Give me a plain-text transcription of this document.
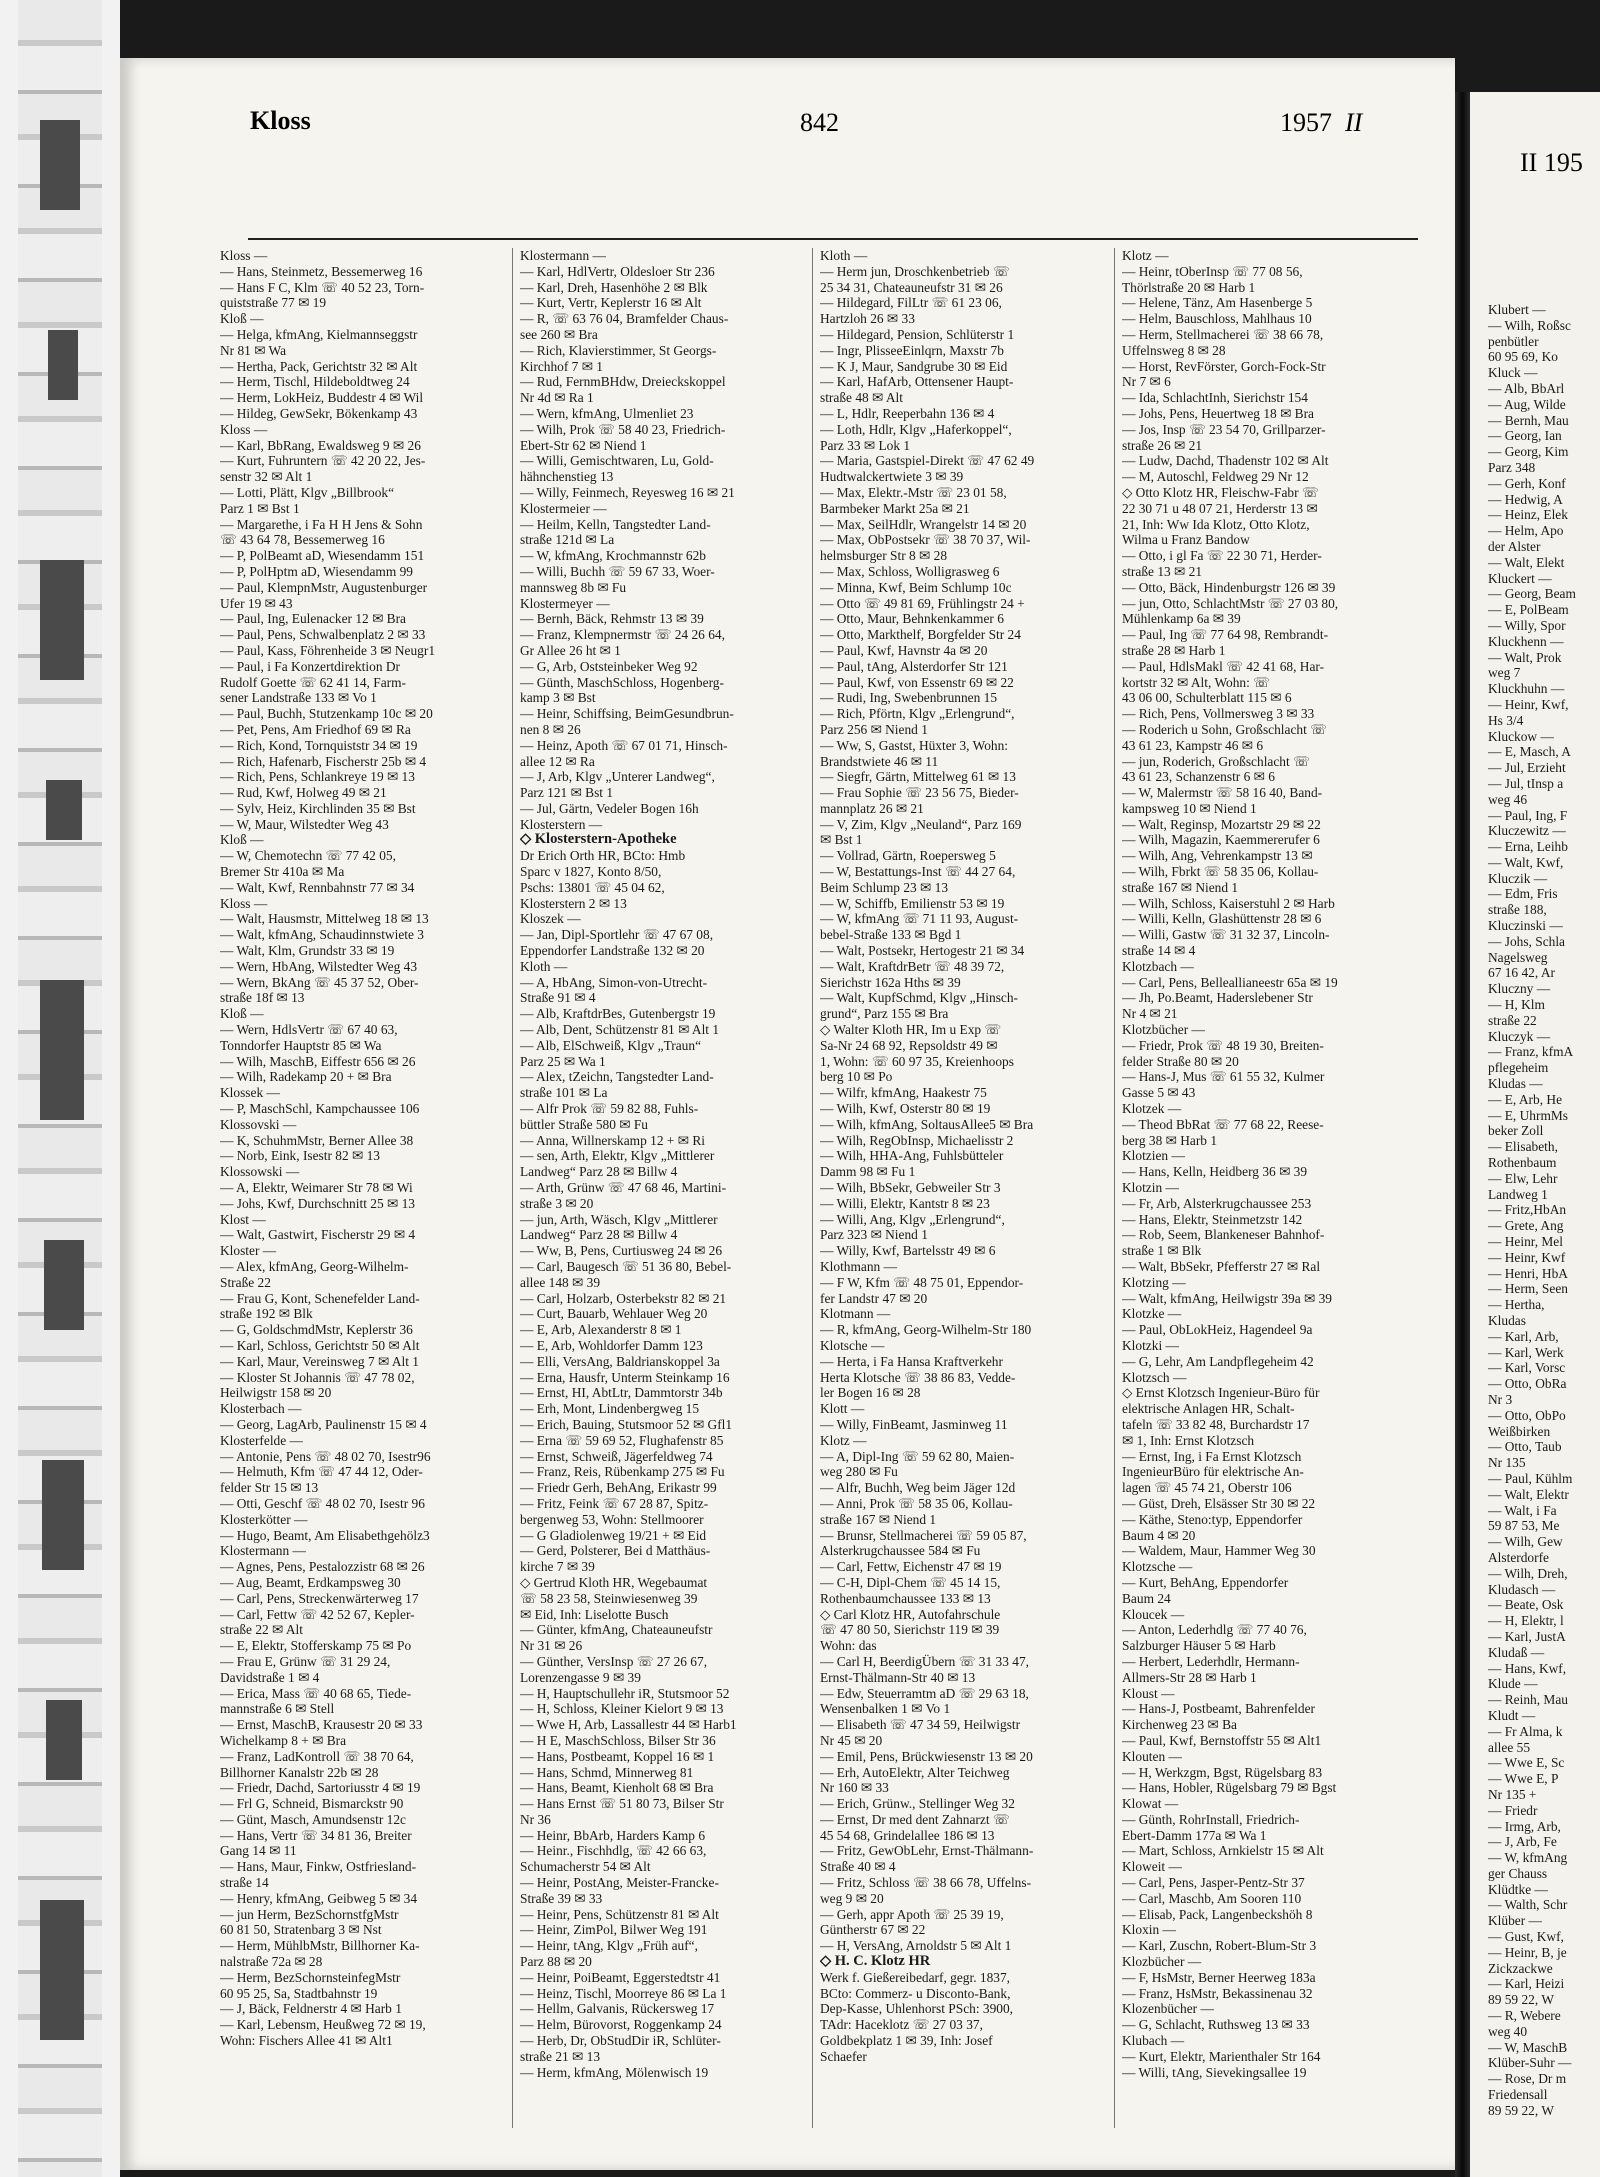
Kloss	842	1957 II
Kloss —
— Hans, Steinmetz, Bessemerweg 16
— Hans F C, Klm ☏ 40 52 23, Torn-
quiststraße 77 ✉ 19
Kloß —
— Helga, kfmAng, Kielmannseggstr
Nr 81 ✉ Wa
— Hertha, Pack, Gerichtstr 32 ✉ Alt
— Herm, Tischl, Hildeboldtweg 24
— Herm, LokHeiz, Buddestr 4 ✉ Wil
— Hildeg, GewSekr, Bökenkamp 43
Kloss —
— Karl, BbRang, Ewaldsweg 9 ✉ 26
— Kurt, Fuhruntern ☏ 42 20 22, Jes-
senstr 32 ✉ Alt 1
— Lotti, Plätt, Klgv „Billbrook“
Parz 1 ✉ Bst 1
— Margarethe, i Fa H H Jens & Sohn
☏ 43 64 78, Bessemerweg 16
— P, PolBeamt aD, Wiesendamm 151
— P, PolHptm aD, Wiesendamm 99
— Paul, KlempnMstr, Augustenburger
Ufer 19 ✉ 43
— Paul, Ing, Eulenacker 12 ✉ Bra
— Paul, Pens, Schwalbenplatz 2 ✉ 33
— Paul, Kass, Föhrenheide 3 ✉ Neugr1
— Paul, i Fa Konzertdirektion Dr
Rudolf Goette ☏ 62 41 14, Farm-
sener Landstraße 133 ✉ Vo 1
— Paul, Buchh, Stutzenkamp 10c ✉ 20
— Pet, Pens, Am Friedhof 69 ✉ Ra
— Rich, Kond, Tornquiststr 34 ✉ 19
— Rich, Hafenarb, Fischerstr 25b ✉ 4
— Rich, Pens, Schlankreye 19 ✉ 13
— Rud, Kwf, Holweg 49 ✉ 21
— Sylv, Heiz, Kirchlinden 35 ✉ Bst
— W, Maur, Wilstedter Weg 43
Kloß —
— W, Chemotechn ☏ 77 42 05,
Bremer Str 410a ✉ Ma
— Walt, Kwf, Rennbahnstr 77 ✉ 34
Kloss —
— Walt, Hausmstr, Mittelweg 18 ✉ 13
— Walt, kfmAng, Schaudinnstwiete 3
— Walt, Klm, Grundstr 33 ✉ 19
— Wern, HbAng, Wilstedter Weg 43
— Wern, BkAng ☏ 45 37 52, Ober-
straße 18f ✉ 13
Kloß —
— Wern, HdlsVertr ☏ 67 40 63,
Tonndorfer Hauptstr 85 ✉ Wa
— Wilh, MaschB, Eiffestr 656 ✉ 26
— Wilh, Radekamp 20 + ✉ Bra
Klossek —
— P, MaschSchl, Kampchaussee 106
Klossovski —
— K, SchuhmMstr, Berner Allee 38
— Norb, Eink, Isestr 82 ✉ 13
Klossowski —
— A, Elektr, Weimarer Str 78 ✉ Wi
— Johs, Kwf, Durchschnitt 25 ✉ 13
Klost —
— Walt, Gastwirt, Fischerstr 29 ✉ 4
Kloster —
— Alex, kfmAng, Georg-Wilhelm-
Straße 22
— Frau G, Kont, Schenefelder Land-
straße 192 ✉ Blk
— G, GoldschmdMstr, Keplerstr 36
— Karl, Schloss, Gerichtstr 50 ✉ Alt
— Karl, Maur, Vereinsweg 7 ✉ Alt 1
— Kloster St Johannis ☏ 47 78 02,
Heilwigstr 158 ✉ 20
Klosterbach —
— Georg, LagArb, Paulinenstr 15 ✉ 4
Klosterfelde —
— Antonie, Pens ☏ 48 02 70, Isestr96
— Helmuth, Kfm ☏ 47 44 12, Oder-
felder Str 15 ✉ 13
— Otti, Geschf ☏ 48 02 70, Isestr 96
Klosterkötter —
— Hugo, Beamt, Am Elisabethgehölz3
Klostermann —
— Agnes, Pens, Pestalozzistr 68 ✉ 26
— Aug, Beamt, Erdkampsweg 30
— Carl, Pens, Streckenwärterweg 17
— Carl, Fettw ☏ 42 52 67, Kepler-
straße 22 ✉ Alt
— E, Elektr, Stofferskamp 75 ✉ Po
— Frau E, Grünw ☏ 31 29 24,
Davidstraße 1 ✉ 4
— Erica, Mass ☏ 40 68 65, Tiede-
mannstraße 6 ✉ Stell
— Ernst, MaschB, Krausestr 20 ✉ 33
Wichelkamp 8 + ✉ Bra
— Franz, LadKontroll ☏ 38 70 64,
Billhorner Kanalstr 22b ✉ 28
— Friedr, Dachd, Sartoriusstr 4 ✉ 19
— Frl G, Schneid, Bismarckstr 90
— Günt, Masch, Amundsenstr 12c
— Hans, Vertr ☏ 34 81 36, Breiter
Gang 14 ✉ 11
— Hans, Maur, Finkw, Ostfriesland-
straße 14
— Henry, kfmAng, Geibweg 5 ✉ 34
— jun Herm, BezSchornstfgMstr
60 81 50, Stratenbarg 3 ✉ Nst
— Herm, MühlbMstr, Billhorner Ka-
nalstraße 72a ✉ 28
— Herm, BezSchornsteinfegMstr
60 95 25, Sa, Stadtbahnstr 19
— J, Bäck, Feldnerstr 4 ✉ Harb 1
— Karl, Lebensm, Heußweg 72 ✉ 19,
Wohn: Fischers Allee 41 ✉ Alt1
Klostermann —
— Karl, HdlVertr, Oldesloer Str 236
— Karl, Dreh, Hasenhöhe 2 ✉ Blk
— Kurt, Vertr, Keplerstr 16 ✉ Alt
— R, ☏ 63 76 04, Bramfelder Chaus-
see 260 ✉ Bra
— Rich, Klavierstimmer, St Georgs-
Kirchhof 7 ✉ 1
— Rud, FernmBHdw, Dreieckskoppel
Nr 4d ✉ Ra 1
— Wern, kfmAng, Ulmenliet 23
— Wilh, Prok ☏ 58 40 23, Friedrich-
Ebert-Str 62 ✉ Niend 1
— Willi, Gemischtwaren, Lu, Gold-
hähnchenstieg 13
— Willy, Feinmech, Reyesweg 16 ✉ 21
Klostermeier —
— Heilm, Kelln, Tangstedter Land-
straße 121d ✉ La
— W, kfmAng, Krochmannstr 62b
— Willi, Buchh ☏ 59 67 33, Woer-
mannsweg 8b ✉ Fu
Klostermeyer —
— Bernh, Bäck, Rehmstr 13 ✉ 39
— Franz, Klempnermstr ☏ 24 26 64,
Gr Allee 26 ht ✉ 1
— G, Arb, Oststeinbeker Weg 92
— Günth, MaschSchloss, Hogenberg-
kamp 3 ✉ Bst
— Heinr, Schiffsing, BeimGesundbrun-
nen 8 ✉ 26
— Heinz, Apoth ☏ 67 01 71, Hinsch-
allee 12 ✉ Ra
— J, Arb, Klgv „Unterer Landweg“,
Parz 121 ✉ Bst 1
— Jul, Gärtn, Vedeler Bogen 16h
Klosterstern —
◇ Klosterstern-Apotheke
Dr Erich Orth HR, BCto: Hmb
Sparc v 1827, Konto 8/50,
Pschs: 13801 ☏ 45 04 62,
Klosterstern 2 ✉ 13
Kloszek —
— Jan, Dipl-Sportlehr ☏ 47 67 08,
Eppendorfer Landstraße 132 ✉ 20
Kloth —
— A, HbAng, Simon-von-Utrecht-
Straße 91 ✉ 4
— Alb, KraftdrBes, Gutenbergstr 19
— Alb, Dent, Schützenstr 81 ✉ Alt 1
— Alb, ElSchweiß, Klgv „Traun“
Parz 25 ✉ Wa 1
— Alex, tZeichn, Tangstedter Land-
straße 101 ✉ La
— Alfr Prok ☏ 59 82 88, Fuhls-
büttler Straße 580 ✉ Fu
— Anna, Willnerskamp 12 + ✉ Ri
— sen, Arth, Elektr, Klgv „Mittlerer
Landweg“ Parz 28 ✉ Billw 4
— Arth, Grünw ☏ 47 68 46, Martini-
straße 3 ✉ 20
— jun, Arth, Wäsch, Klgv „Mittlerer
Landweg“ Parz 28 ✉ Billw 4
— Ww, B, Pens, Curtiusweg 24 ✉ 26
— Carl, Baugesch ☏ 51 36 80, Bebel-
allee 148 ✉ 39
— Carl, Holzarb, Osterbekstr 82 ✉ 21
— Curt, Bauarb, Wehlauer Weg 20
— E, Arb, Alexanderstr 8 ✉ 1
— E, Arb, Wohldorfer Damm 123
— Elli, VersAng, Baldrianskoppel 3a
— Erna, Hausfr, Unterm Steinkamp 16
— Ernst, HI, AbtLtr, Dammtorstr 34b
— Erh, Mont, Lindenbergweg 15
— Erich, Bauing, Stutsmoor 52 ✉ Gfl1
— Erna ☏ 59 69 52, Flughafenstr 85
— Ernst, Schweiß, Jägerfeldweg 74
— Franz, Reis, Rübenkamp 275 ✉ Fu
— Friedr Gerh, BehAng, Erikastr 99
— Fritz, Feink ☏ 67 28 87, Spitz-
bergenweg 53, Wohn: Stellmoorer
— G Gladiolenweg 19/21 + ✉ Eid
— Gerd, Polsterer, Bei d Matthäus-
kirche 7 ✉ 39
◇ Gertrud Kloth HR, Wegebaumat
☏ 58 23 58, Steinwiesenweg 39
✉ Eid, Inh: Liselotte Busch
— Günter, kfmAng, Chateauneufstr
Nr 31 ✉ 26
— Günther, VersInsp ☏ 27 26 67,
Lorenzengasse 9 ✉ 39
— H, Hauptschullehr iR, Stutsmoor 52
— H, Schloss, Kleiner Kielort 9 ✉ 13
— Wwe H, Arb, Lassallestr 44 ✉ Harb1
— H E, MaschSchloss, Bilser Str 36
— Hans, Postbeamt, Koppel 16 ✉ 1
— Hans, Schmd, Minnerweg 81
— Hans, Beamt, Kienholt 68 ✉ Bra
— Hans Ernst ☏ 51 80 73, Bilser Str
Nr 36
— Heinr, BbArb, Harders Kamp 6
— Heinr., Fischhdlg, ☏ 42 66 63,
Schumacherstr 54 ✉ Alt
— Heinr, PostAng, Meister-Francke-
Straße 39 ✉ 33
— Heinr, Pens, Schützenstr 81 ✉ Alt
— Heinr, ZimPol, Bilwer Weg 191
— Heinr, tAng, Klgv „Früh auf“,
Parz 88 ✉ 20
— Heinr, PoiBeamt, Eggerstedtstr 41
— Heinz, Tischl, Moorreye 86 ✉ La 1
— Hellm, Galvanis, Rückersweg 17
— Helm, Bürovorst, Roggenkamp 24
— Herb, Dr, ObStudDir iR, Schlüter-
straße 21 ✉ 13
— Herm, kfmAng, Mölenwisch 19
Kloth —
— Herm jun, Droschkenbetrieb ☏
25 34 31, Chateauneufstr 31 ✉ 26
— Hildegard, FilLtr ☏ 61 23 06,
Hartzloh 26 ✉ 33
— Hildegard, Pension, Schlüterstr 1
— Ingr, PlisseeEinlqrn, Maxstr 7b
— K J, Maur, Sandgrube 30 ✉ Eid
— Karl, HafArb, Ottensener Haupt-
straße 48 ✉ Alt
— L, Hdlr, Reeperbahn 136 ✉ 4
— Loth, Hdlr, Klgv „Haferkoppel“,
Parz 33 ✉ Lok 1
— Maria, Gastspiel-Direkt ☏ 47 62 49
Hudtwalckertwiete 3 ✉ 39
— Max, Elektr.-Mstr ☏ 23 01 58,
Barmbeker Markt 25a ✉ 21
— Max, SeilHdlr, Wrangelstr 14 ✉ 20
— Max, ObPostsekr ☏ 38 70 37, Wil-
helmsburger Str 8 ✉ 28
— Max, Schloss, Wolligrasweg 6
— Minna, Kwf, Beim Schlump 10c
— Otto ☏ 49 81 69, Frühlingstr 24 +
— Otto, Maur, Behnkenkammer 6
— Otto, Markthelf, Borgfelder Str 24
— Paul, Kwf, Havnstr 4a ✉ 20
— Paul, tAng, Alsterdorfer Str 121
— Paul, Kwf, von Essenstr 69 ✉ 22
— Rudi, Ing, Swebenbrunnen 15
— Rich, Pförtn, Klgv „Erlengrund“,
Parz 256 ✉ Niend 1
— Ww, S, Gastst, Hüxter 3, Wohn:
Brandstwiete 46 ✉ 11
— Siegfr, Gärtn, Mittelweg 61 ✉ 13
— Frau Sophie ☏ 23 56 75, Bieder-
mannplatz 26 ✉ 21
— V, Zim, Klgv „Neuland“, Parz 169
✉ Bst 1
— Vollrad, Gärtn, Roepersweg 5
— W, Bestattungs-Inst ☏ 44 27 64,
Beim Schlump 23 ✉ 13
— W, Schiffb, Emilienstr 53 ✉ 19
— W, kfmAng ☏ 71 11 93, August-
bebel-Straße 133 ✉ Bgd 1
— Walt, Postsekr, Hertogestr 21 ✉ 34
— Walt, KraftdrBetr ☏ 48 39 72,
Sierichstr 162a Hths ✉ 39
— Walt, KupfSchmd, Klgv „Hinsch-
grund“, Parz 155 ✉ Bra
◇ Walter Kloth HR, Im u Exp ☏
Sa-Nr 24 68 92, Repsoldstr 49 ✉
1, Wohn: ☏ 60 97 35, Kreienhoops
berg 10 ✉ Po
— Wilfr, kfmAng, Haakestr 75
— Wilh, Kwf, Osterstr 80 ✉ 19
— Wilh, kfmAng, SoltausAllee5 ✉ Bra
— Wilh, RegObInsp, Michaelisstr 2
— Wilh, HHA-Ang, Fuhlsbütteler
Damm 98 ✉ Fu 1
— Wilh, BbSekr, Gebweiler Str 3
— Willi, Elektr, Kantstr 8 ✉ 23
— Willi, Ang, Klgv „Erlengrund“,
Parz 323 ✉ Niend 1
— Willy, Kwf, Bartelsstr 49 ✉ 6
Klothmann —
— F W, Kfm ☏ 48 75 01, Eppendor-
fer Landstr 47 ✉ 20
Klotmann —
— R, kfmAng, Georg-Wilhelm-Str 180
Klotsche —
— Herta, i Fa Hansa Kraftverkehr
Herta Klotsche ☏ 38 86 83, Vedde-
ler Bogen 16 ✉ 28
Klott —
— Willy, FinBeamt, Jasminweg 11
Klotz —
— A, Dipl-Ing ☏ 59 62 80, Maien-
weg 280 ✉ Fu
— Alfr, Buchh, Weg beim Jäger 12d
— Anni, Prok ☏ 58 35 06, Kollau-
straße 167 ✉ Niend 1
— Brunsr, Stellmacherei ☏ 59 05 87,
Alsterkrugchaussee 584 ✉ Fu
— Carl, Fettw, Eichenstr 47 ✉ 19
— C-H, Dipl-Chem ☏ 45 14 15,
Rothenbaumchaussee 133 ✉ 13
◇ Carl Klotz HR, Autofahrschule
☏ 47 80 50, Sierichstr 119 ✉ 39
Wohn: das
— Carl H, BeerdigÜbern ☏ 31 33 47,
Ernst-Thälmann-Str 40 ✉ 13
— Edw, Steuerramtm aD ☏ 29 63 18,
Wensenbalken 1 ✉ Vo 1
— Elisabeth ☏ 47 34 59, Heilwigstr
Nr 45 ✉ 20
— Emil, Pens, Brückwiesenstr 13 ✉ 20
— Erh, AutoElektr, Alter Teichweg
Nr 160 ✉ 33
— Erich, Grünw., Stellinger Weg 32
— Ernst, Dr med dent Zahnarzt ☏
45 54 68, Grindelallee 186 ✉ 13
— Fritz, GewObLehr, Ernst-Thälmann-
Straße 40 ✉ 4
— Fritz, Schloss ☏ 38 66 78, Uffelns-
weg 9 ✉ 20
— Gerh, appr Apoth ☏ 25 39 19,
Güntherstr 67 ✉ 22
— H, VersAng, Arnoldstr 5 ✉ Alt 1
◇ H. C. Klotz HR
Werk f. Gießereibedarf, gegr. 1837,
BCto: Commerz- u Disconto-Bank,
Dep-Kasse, Uhlenhorst PSch: 3900,
TAdr: Haceklotz ☏ 27 03 37,
Goldbekplatz 1 ✉ 39, Inh: Josef
Schaefer
Klotz —
— Heinr, tOberInsp ☏ 77 08 56,
Thörlstraße 20 ✉ Harb 1
— Helene, Tänz, Am Hasenberge 5
— Helm, Bauschloss, Mahlhaus 10
— Herm, Stellmacherei ☏ 38 66 78,
Uffelnsweg 8 ✉ 28
— Horst, RevFörster, Gorch-Fock-Str
Nr 7 ✉ 6
— Ida, SchlachtInh, Sierichstr 154
— Johs, Pens, Heuertweg 18 ✉ Bra
— Jos, Insp ☏ 23 54 70, Grillparzer-
straße 26 ✉ 21
— Ludw, Dachd, Thadenstr 102 ✉ Alt
— M, Autoschl, Feldweg 29 Nr 12
◇ Otto Klotz HR, Fleischw-Fabr ☏
22 30 71 u 48 07 21, Herderstr 13 ✉
21, Inh: Ww Ida Klotz, Otto Klotz,
Wilma u Franz Bandow
— Otto, i gl Fa ☏ 22 30 71, Herder-
straße 13 ✉ 21
— Otto, Bäck, Hindenburgstr 126 ✉ 39
— jun, Otto, SchlachtMstr ☏ 27 03 80,
Mühlenkamp 6a ✉ 39
— Paul, Ing ☏ 77 64 98, Rembrandt-
straße 28 ✉ Harb 1
— Paul, HdlsMakl ☏ 42 41 68, Har-
kortstr 32 ✉ Alt, Wohn: ☏
43 06 00, Schulterblatt 115 ✉ 6
— Rich, Pens, Vollmersweg 3 ✉ 33
— Roderich u Sohn, Großschlacht ☏
43 61 23, Kampstr 46 ✉ 6
— jun, Roderich, Großschlacht ☏
43 61 23, Schanzenstr 6 ✉ 6
— W, Malermstr ☏ 58 16 40, Band-
kampsweg 10 ✉ Niend 1
— Walt, Reginsp, Mozartstr 29 ✉ 22
— Wilh, Magazin, Kaemmererufer 6
— Wilh, Ang, Vehrenkampstr 13 ✉
— Wilh, Fbrkt ☏ 58 35 06, Kollau-
straße 167 ✉ Niend 1
— Wilh, Schloss, Kaiserstuhl 2 ✉ Harb
— Willi, Kelln, Glashüttenstr 28 ✉ 6
— Willi, Gastw ☏ 31 32 37, Lincoln-
straße 14 ✉ 4
Klotzbach —
— Carl, Pens, Belleallianeestr 65a ✉ 19
— Jh, Po.Beamt, Haderslebener Str
Nr 4 ✉ 21
Klotzbücher —
— Friedr, Prok ☏ 48 19 30, Breiten-
felder Straße 80 ✉ 20
— Hans-J, Mus ☏ 61 55 32, Kulmer
Gasse 5 ✉ 43
Klotzek —
— Theod BbRat ☏ 77 68 22, Reese-
berg 38 ✉ Harb 1
Klotzien —
— Hans, Kelln, Heidberg 36 ✉ 39
Klotzin —
— Fr, Arb, Alsterkrugchaussee 253
— Hans, Elektr, Steinmetzstr 142
— Rob, Seem, Blankeneser Bahnhof-
straße 1 ✉ Blk
— Walt, BbSekr, Pfefferstr 27 ✉ Ral
Klotzing —
— Walt, kfmAng, Heilwigstr 39a ✉ 39
Klotzke —
— Paul, ObLokHeiz, Hagendeel 9a
Klotzki —
— G, Lehr, Am Landpflegeheim 42
Klotzsch —
◇ Ernst Klotzsch Ingenieur-Büro für
elektrische Anlagen HR, Schalt-
tafeln ☏ 33 82 48, Burchardstr 17
✉ 1, Inh: Ernst Klotzsch
— Ernst, Ing, i Fa Ernst Klotzsch
IngenieurBüro für elektrische An-
lagen ☏ 45 74 21, Oberstr 106
— Güst, Dreh, Elsässer Str 30 ✉ 22
— Käthe, Steno:typ, Eppendorfer
Baum 4 ✉ 20
— Waldem, Maur, Hammer Weg 30
Klotzsche —
— Kurt, BehAng, Eppendorfer
Baum 24
Kloucek —
— Anton, Lederhdlg ☏ 77 40 76,
Salzburger Häuser 5 ✉ Harb
— Herbert, Lederhdlr, Hermann-
Allmers-Str 28 ✉ Harb 1
Kloust —
— Hans-J, Postbeamt, Bahrenfelder
Kirchenweg 23 ✉ Ba
— Paul, Kwf, Bernstoffstr 55 ✉ Alt1
Klouten —
— H, Werkzgm, Bgst, Rügelsbarg 83
— Hans, Hobler, Rügelsbarg 79 ✉ Bgst
Klowat —
— Günth, RohrInstall, Friedrich-
Ebert-Damm 177a ✉ Wa 1
— Mart, Schloss, Arnkielstr 15 ✉ Alt
Kloweit —
— Carl, Pens, Jasper-Pentz-Str 37
— Carl, Maschb, Am Sooren 110
— Elisab, Pack, Langenbeckshöh 8
Kloxin —
— Karl, Zuschn, Robert-Blum-Str 3
Klozbücher —
— F, HsMstr, Berner Heerweg 183a
— Franz, HsMstr, Bekassinenau 32
Klozenbücher —
— G, Schlacht, Ruthsweg 13 ✉ 33
Klubach —
— Kurt, Elektr, Marienthaler Str 164
— Willi, tAng, Sievekingsallee 19
II 195
Klubert —
— Wilh, Roßsc
penbütler
60 95 69, Ko
Kluck —
— Alb, BbArl
— Aug, Wilde
— Bernh, Mau
— Georg, Ian
— Georg, Kim
Parz 348
— Gerh, Konf
— Hedwig, A
— Heinz, Elek
— Helm, Apo
der Alster
— Walt, Elekt
Kluckert —
— Georg, Beam
— E, PolBeam
— Willy, Spor
Kluckhenn —
— Walt, Prok
weg 7
Kluckhuhn —
— Heinr, Kwf,
Hs 3/4
Kluckow —
— E, Masch, A
— Jul, Erzieht
— Jul, tInsp a
weg 46
— Paul, Ing, F
Kluczewitz —
— Erna, Leihb
— Walt, Kwf,
Kluczik —
— Edm, Fris
straße 188,
Kluczinski —
— Johs, Schla
Nagelsweg
67 16 42, Ar
Kluczny —
— H, Klm
straße 22
Kluczyk —
— Franz, kfmA
pflegeheim
Kludas —
— E, Arb, He
— E, UhrmMs
beker Zoll
— Elisabeth,
Rothenbaum
— Elw, Lehr
Landweg 1
— Fritz,HbAn
— Grete, Ang
— Heinr, Mel
— Heinr, Kwf
— Henri, HbA
— Herm, Seen
— Hertha,
Kludas
— Karl, Arb,
— Karl, Werk
— Karl, Vorsc
— Otto, ObRa
Nr 3
— Otto, ObPo
Weißbirken
— Otto, Taub
Nr 135
— Paul, Kühlm
— Walt, Elektr
— Walt, i Fa
59 87 53, Me
— Wilh, Gew
Alsterdorfe
— Wilh, Dreh,
Kludasch —
— Beate, Osk
— H, Elektr, l
— Karl, JustA
Kludaß —
— Hans, Kwf,
Klude —
— Reinh, Mau
Kludt —
— Fr Alma, k
allee 55
— Wwe E, Sc
— Wwe E, P
Nr 135 +
— Friedr
— Irmg, Arb,
— J, Arb, Fe
— W, kfmAng
ger Chauss
Klüdtke —
— Walth, Schr
Klüber —
— Gust, Kwf,
— Heinr, B, je
Zickzackwe
— Karl, Heizi
89 59 22, W
— R, Webere
weg 40
— W, MaschB
Klüber-Suhr —
— Rose, Dr m
Friedensall
89 59 22, W
